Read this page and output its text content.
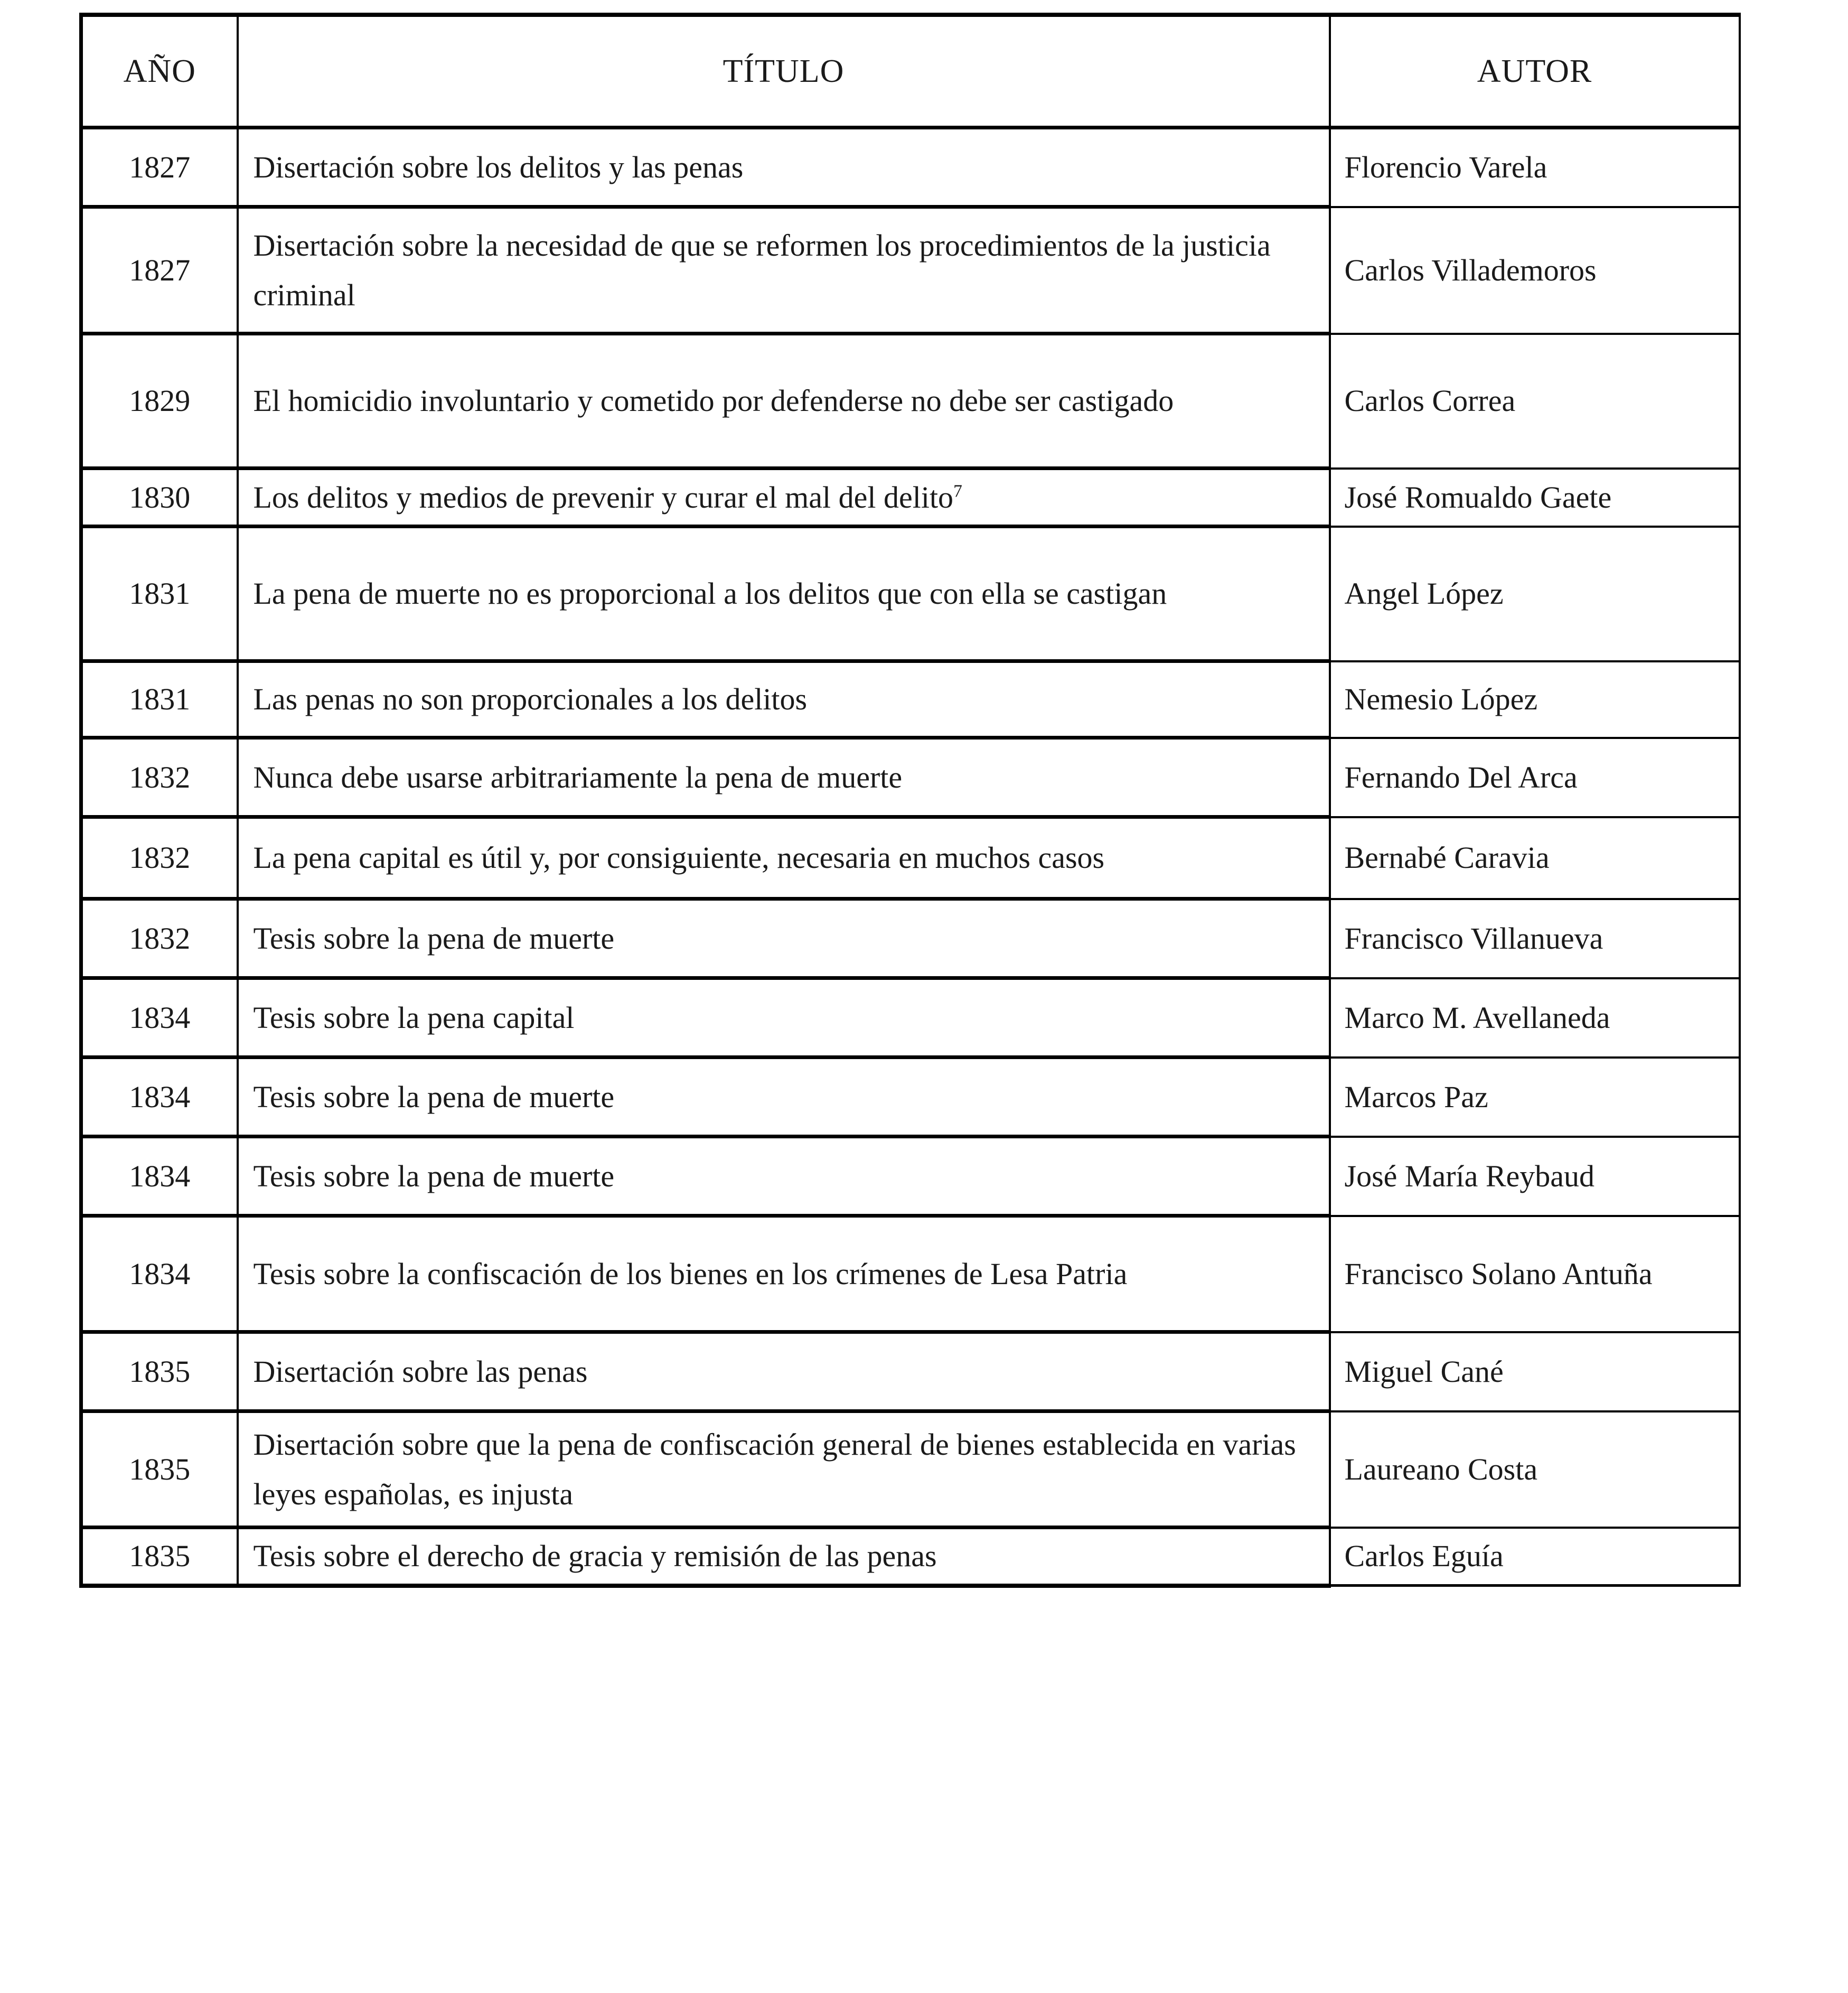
AÑO	TÍTULO	AUTOR
1827	Disertación sobre los delitos y las penas	Florencio Varela

1827	Disertación sobre la necesidad de que se reformen los procedimientos de la justicia criminal	Carlos Villademoros

1829	El homicidio involuntario y cometido por defenderse no debe ser castigado	Carlos Correa

1830	Los delitos y medios de prevenir y curar el mal del delito$^7$	José Romualdo Gaete

1831	La pena de muerte no es proporcional a los delitos que con ella se castigan	Angel López

1831	Las penas no son proporcionales a los delitos	Nemesio López

1832	Nunca debe usarse arbitrariamente la pena de muerte	Fernando Del Arca

1832	La pena capital es útil y, por consiguiente, necesaria en muchos casos	Bernabé Caravia

1832	Tesis sobre la pena de muerte	Francisco Villanueva

1834	Tesis sobre la pena capital	Marco M. Avellaneda

1834	Tesis sobre la pena de muerte	Marcos Paz

1834	Tesis sobre la pena de muerte	José María Reybaud

1834	Tesis sobre la confiscación de los bienes en los crímenes de Lesa Patria	Francisco Solano Antuña

1835	Disertación sobre las penas	Miguel Cané

1835	Disertación sobre que la pena de confiscación general de bienes establecida en varias leyes españolas, es injusta	Laureano Costa

1835	Tesis sobre el derecho de gracia y remisión de las penas	Carlos Eguía
